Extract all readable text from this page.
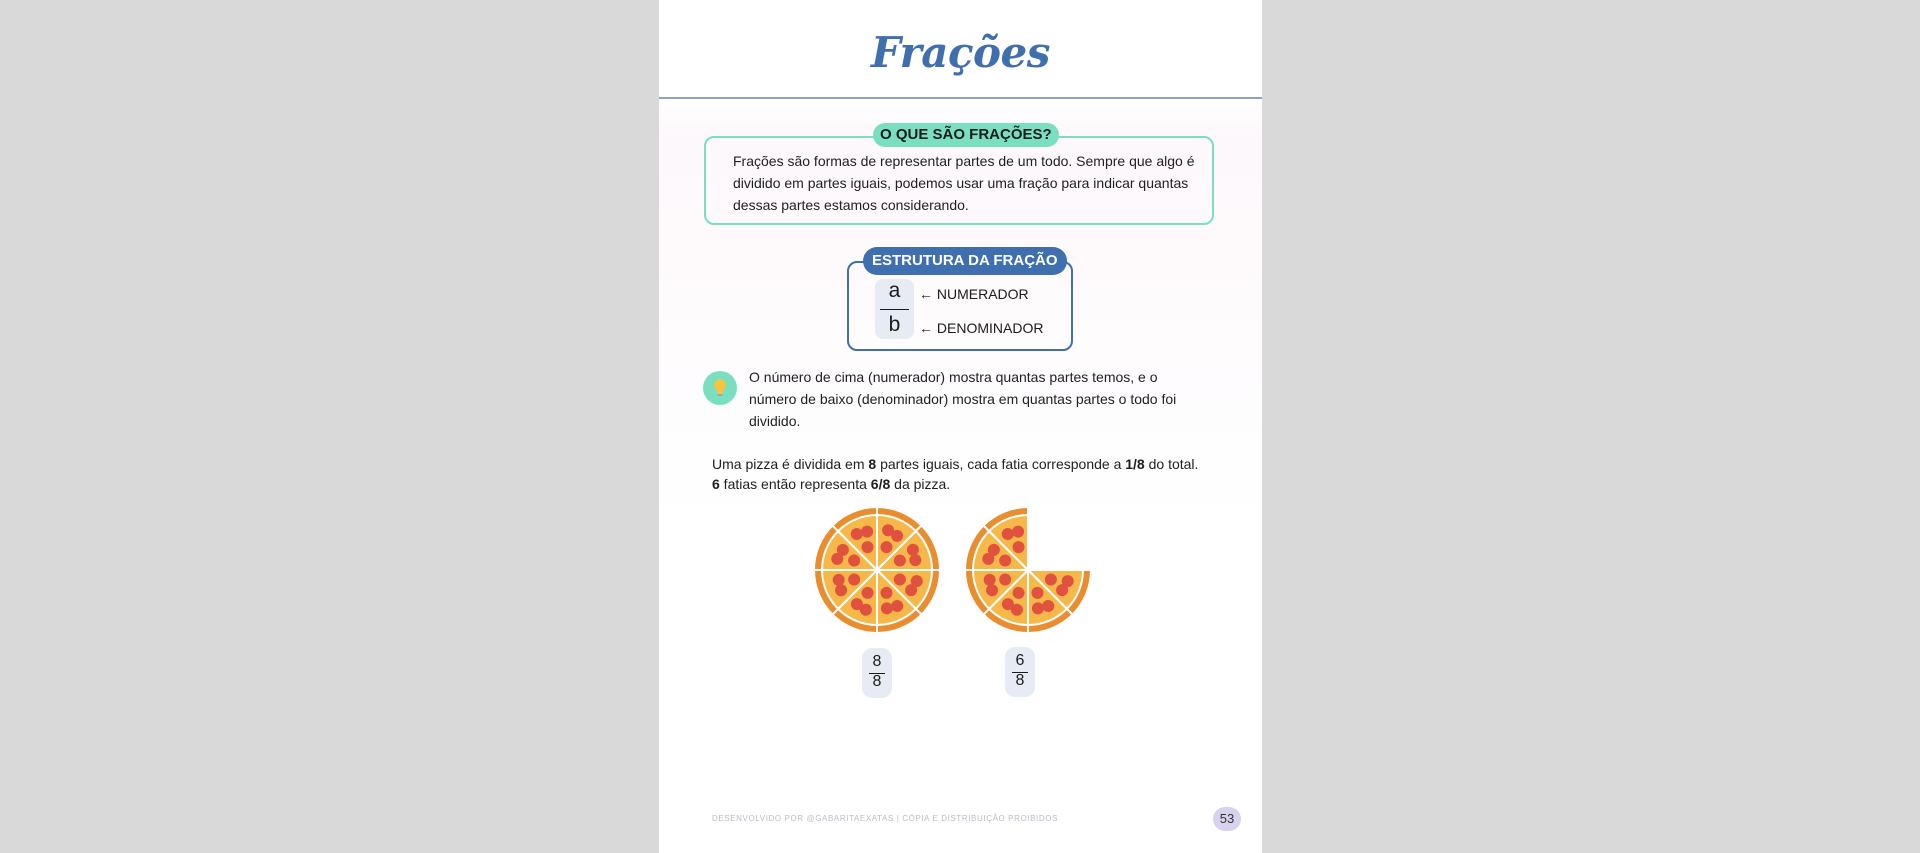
Frações
O QUE SÃO FRAÇÕES?
Frações são formas de representar partes de um todo. Sempre que algo é dividido em partes iguais, podemos usar uma fração para indicar quantas dessas partes estamos considerando.
ESTRUTURA DA FRAÇÃO
a
b
← NUMERADOR
← DENOMINADOR
O número de cima (numerador) mostra quantas partes temos, e o número de baixo (denominador) mostra em quantas partes o todo foi dividido.
Uma pizza é dividida em 8 partes iguais, cada fatia corresponde a 1/8 do total. 6 fatias então representa 6/8 da pizza.
8
8
6
8
DESENVOLVIDO POR @GABARITAEXATAS | CÓPIA E DISTRIBUIÇÃO PROIBIDOS	53
